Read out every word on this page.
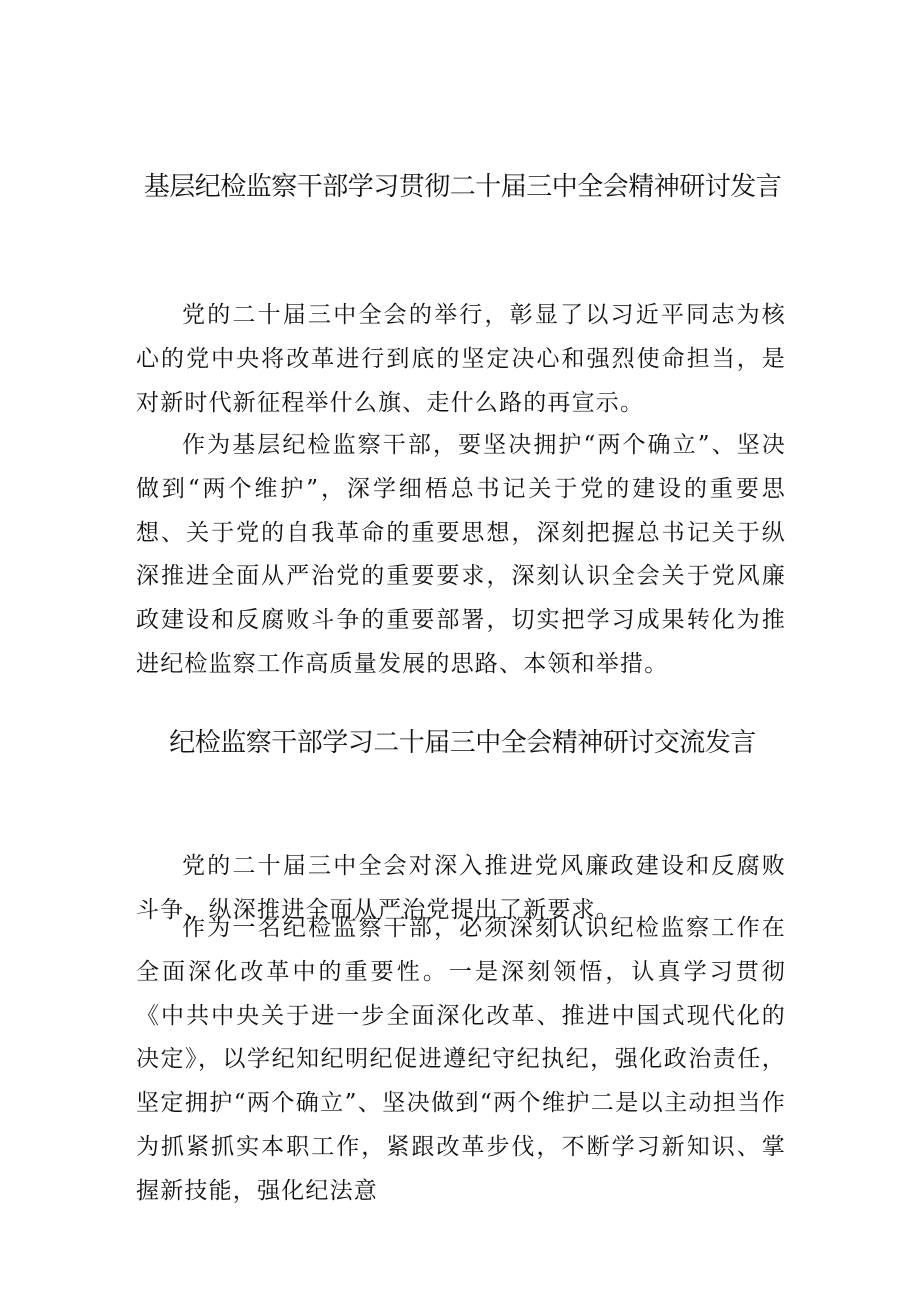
基层纪检监察干部学习贯彻二十届三中全会精神研讨发言

党的二十届三中全会的举行，彰显了以习近平同志为核心的党中央将改革进行到底的坚定决心和强烈使命担当，是对新时代新征程举什么旗、走什么路的再宣示。

作为基层纪检监察干部，要坚决拥护“两个确立”、坚决做到“两个维护”，深学细梧总书记关于党的建设的重要思想、关于党的自我革命的重要思想，深刻把握总书记关于纵深推进全面从严治党的重要要求，深刻认识全会关于党风廉政建设和反腐败斗争的重要部署，切实把学习成果转化为推进纪检监察工作高质量发展的思路、本领和举措。

纪检监察干部学习二十届三中全会精神研讨交流发言

党的二十届三中全会对深入推进党风廉政建设和反腐败斗争、纵深推进全面从严治党提出了新要求。

作为一名纪检监察干部，必须深刻认识纪检监察工作在全面深化改革中的重要性。一是深刻领悟，认真学习贯彻《中共中央关于进一步全面深化改革、推进中国式现代化的决定》，以学纪知纪明纪促进遵纪守纪执纪，强化政治责任，坚定拥护“两个确立”、坚决做到“两个维护二是以主动担当作为抓紧抓实本职工作，紧跟改革步伐，不断学习新知识、掌握新技能，强化纪法意
